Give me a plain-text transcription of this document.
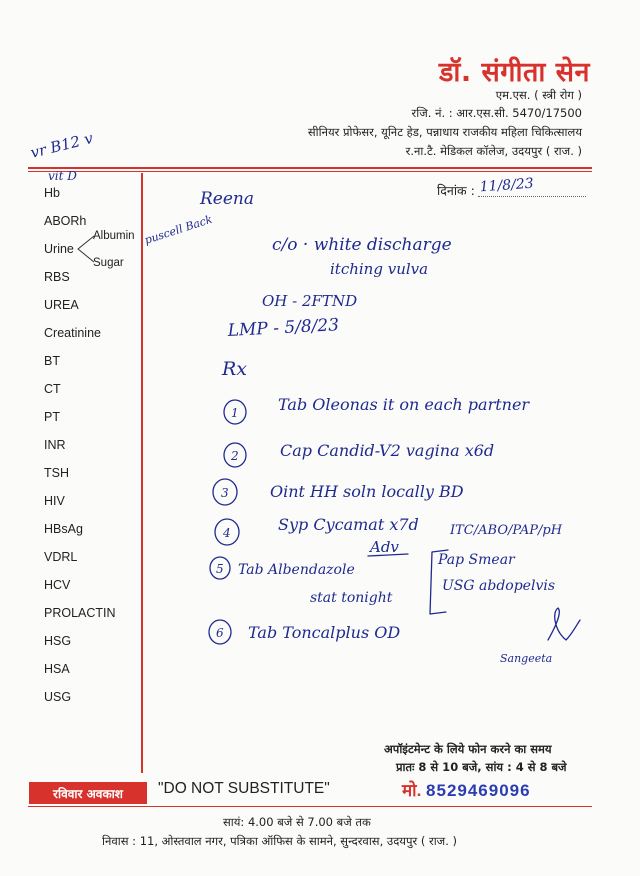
डॉ. संगीता सेन
एम.एस. ( स्त्री रोग )
रजि. नं. : आर.एस.सी. 5470/17500
सीनियर प्रोफेसर, यूनिट हेड, पन्नाधाय राजकीय महिला चिकित्सालय
र.ना.टै. मेडिकल कॉलेज, उदयपुर ( राज. )
दिनांक :
Hb
ABORh
Urine
Albumin
Sugar
RBS
UREA
Creatinine
BT
CT
PT
INR
TSH
HIV
HBsAg
VDRL
HCV
PROLACTIN
HSG
HSA
USG
vr B12 v
vit D	11/8/23
Reena
puscell Back	c/o · white discharge
itching vulva
OH - 2FTND
LMP - 5/8/23
Rx
1 Tab Oleonas it on each partner
2	Cap Candid-V2 vagina x6d
3	Oint HH soln locally BD
4	Syp Cycamat x7d
Adv
ITC/ABO/PAP/pH
Pap Smear
USG abdopelvis
5 Tab Albendazole
stat tonight
6 Tab Toncalplus OD
Sangeeta
अपॉइंटमेन्ट के लिये फोन करने का समय
प्रातः 8 से 10 बजे, सांय : 4 से 8 बजे
मो. 8529469096
रविवार अवकाश	"DO NOT SUBSTITUTE"
सायं: 4.00 बजे से 7.00 बजे तक
निवास : 11, ओस्तवाल नगर, पत्रिका ऑफिस के सामने, सुन्दरवास, उदयपुर ( राज. )
